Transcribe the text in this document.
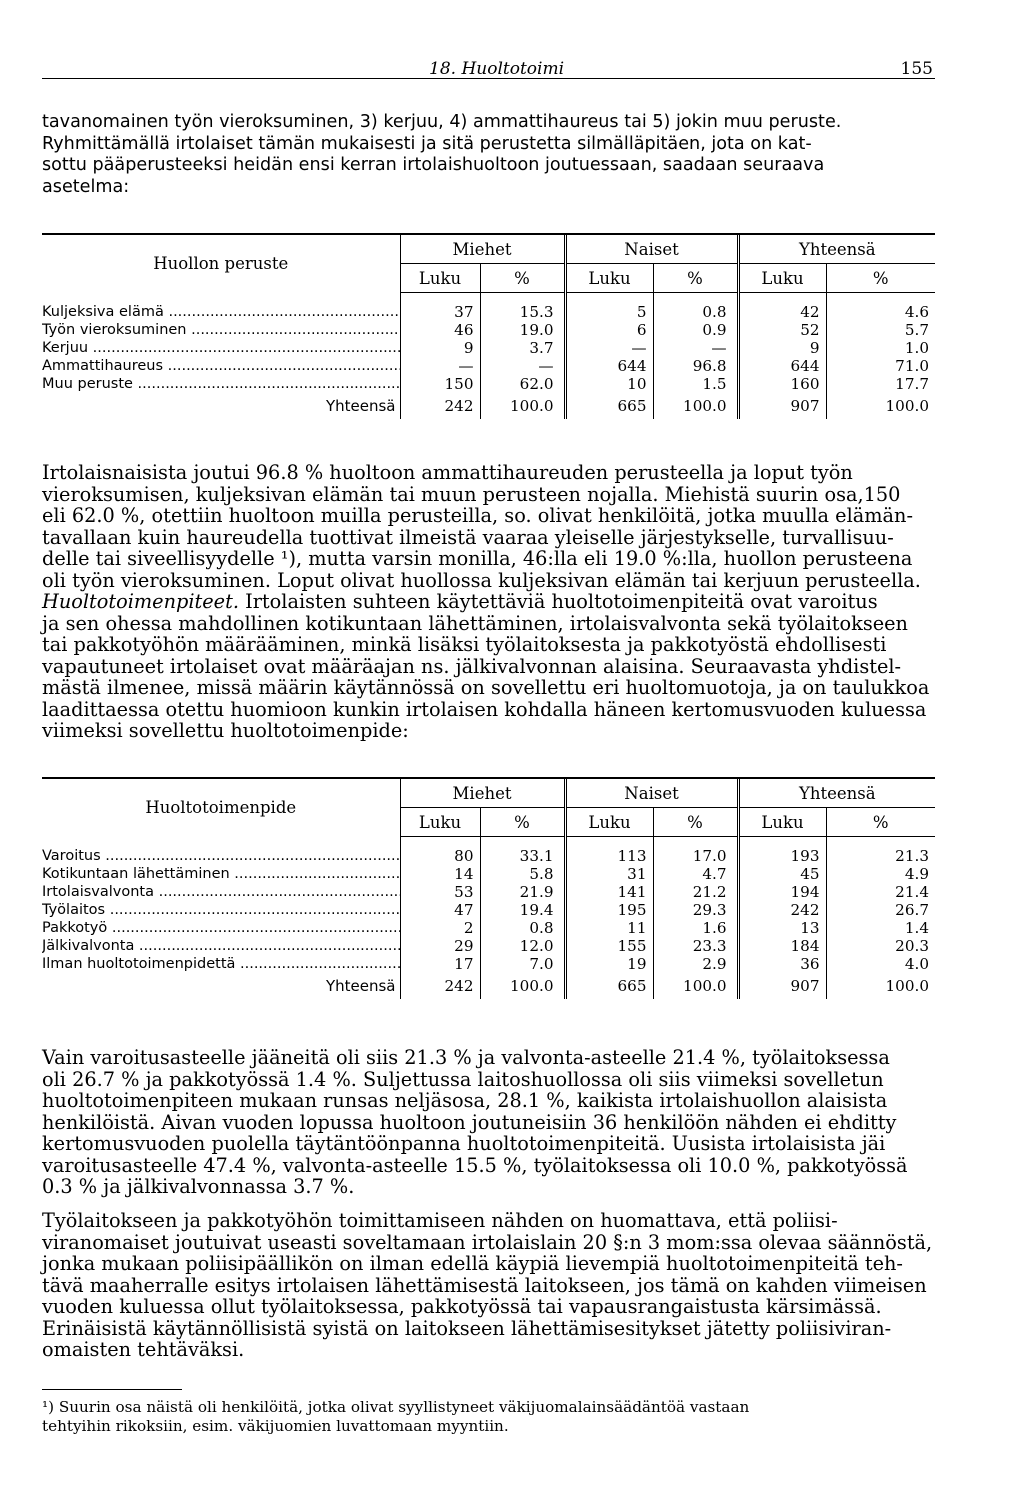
18. Huoltotoimi	155

tavanomainen työn vieroksuminen, 3) kerjuu, 4) ammattihaureus tai 5) jokin muu peruste.
Ryhmittämällä irtolaiset tämän mukaisesti ja sitä perustetta silmälläpitäen, jota on kat-
sottu pääperusteeksi heidän ensi kerran irtolaishuoltoon joutuessaan, saadaan seuraava
asetelma:

Huollon peruste	Miehet		Naiset		Yhteensä	
	Luku	%	Luku	%	Luku	%

Kuljeksiva elämä .....	37	15.3	5	0.8	42	4.6
Työn vieroksuminen .....	46	19.0	6	0.9	52	5.7
Kerjuu .....	9	3.7	—	—	9	1.0
Ammattihaureus .....	—	—	644	96.8	644	71.0
Muu peruste .....	150	62.0	10	1.5	160	17.7
Yhteensä	242	100.0	665	100.0	907	100.0

Irtolaisnaisista joutui 96.8 % huoltoon ammattihaureuden perusteella ja loput työn
vieroksumisen, kuljeksivan elämän tai muun perusteen nojalla. Miehistä suurin osa,150
eli 62.0 %, otettiin huoltoon muilla perusteilla, so. olivat henkilöitä, jotka muulla elämän-
tavallaan kuin haureudella tuottivat ilmeistä vaaraa yleiselle järjestykselle, turvallisuu-
delle tai siveellisyydelle ¹), mutta varsin monilla, 46:lla eli 19.0 %:lla, huollon perusteena
oli työn vieroksuminen. Loput olivat huollossa kuljeksivan elämän tai kerjuun perusteella.

Huoltotoimenpiteet. Irtolaisten suhteen käytettäviä huoltotoimenpiteitä ovat varoitus
ja sen ohessa mahdollinen kotikuntaan lähettäminen, irtolaisvalvonta sekä työlaitokseen
tai pakkotyöhön määrääminen, minkä lisäksi työlaitoksesta ja pakkotyöstä ehdollisesti
vapautuneet irtolaiset ovat määräajan ns. jälkivalvonnan alaisina. Seuraavasta yhdistel-
mästä ilmenee, missä määrin käytännössä on sovellettu eri huoltomuotoja, ja on taulukkoa
laadittaessa otettu huomioon kunkin irtolaisen kohdalla häneen kertomusvuoden kuluessa
viimeksi sovellettu huoltotoimenpide:

Huoltotoimenpide	Miehet		Naiset		Yhteensä	
	Luku	%	Luku	%	Luku	%

Varoitus .....	80	33.1	113	17.0	193	21.3
Kotikuntaan lähettäminen .....	14	5.8	31	4.7	45	4.9
Irtolaisvalvonta .....	53	21.9	141	21.2	194	21.4
Työlaitos .....	47	19.4	195	29.3	242	26.7
Pakkotyö .....	2	0.8	11	1.6	13	1.4
Jälkivalvonta .....	29	12.0	155	23.3	184	20.3
Ilman huoltotoimenpidettä .....	17	7.0	19	2.9	36	4.0
Yhteensä	242	100.0	665	100.0	907	100.0

Vain varoitusasteelle jääneitä oli siis 21.3 % ja valvonta-asteelle 21.4 %, työlaitoksessa
oli 26.7 % ja pakkotyössä 1.4 %. Suljettussa laitoshuollossa oli siis viimeksi sovelletun
huoltotoimenpiteen mukaan runsas neljäsosa, 28.1 %, kaikista irtolaishuollon alaisista
henkilöistä. Aivan vuoden lopussa huoltoon joutuneisiin 36 henkilöön nähden ei ehditty
kertomusvuoden puolella täytäntöönpanna huoltotoimenpiteitä. Uusista irtolaisista jäi
varoitusasteelle 47.4 %, valvonta-asteelle 15.5 %, työlaitoksessa oli 10.0 %, pakkotyössä
0.3 % ja jälkivalvonnassa 3.7 %.

Työlaitokseen ja pakkotyöhön toimittamiseen nähden on huomattava, että poliisi-
viranomaiset joutuivat useasti soveltamaan irtolaislain 20 §:n 3 mom:ssa olevaa säännöstä,
jonka mukaan poliisipäällikön on ilman edellä käypiä lievempiä huoltotoimenpiteitä teh-
tävä maaherralle esitys irtolaisen lähettämisestä laitokseen, jos tämä on kahden viimeisen
vuoden kuluessa ollut työlaitoksessa, pakkotyössä tai vapausrangaistusta kärsimässä.
Erinäisistä käytännöllisistä syistä on laitokseen lähettämisesitykset jätetty poliisiviran-
omaisten tehtäväksi.

¹) Suurin osa näistä oli henkilöitä, jotka olivat syyllistyneet väkijuomalainsäädäntöä vastaan
tehtyihin rikoksiin, esim. väkijuomien luvattomaan myyntiin.
